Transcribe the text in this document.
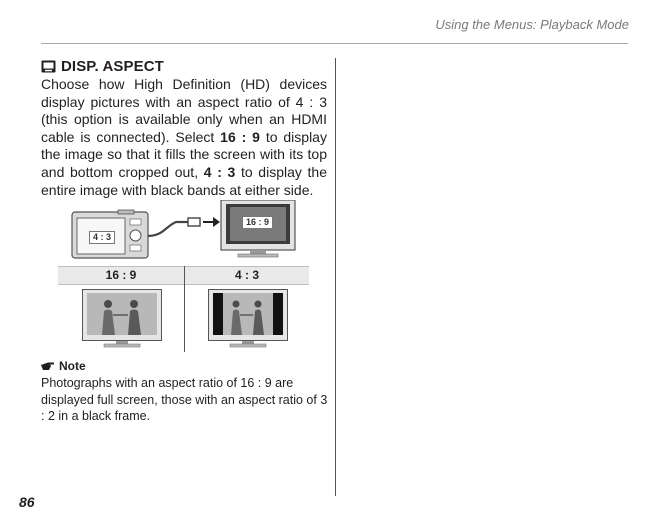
Using the Menus: Playback Mode
DISP. ASPECT
Choose how High Definition (HD) devices display pictures with an aspect ratio of 4 : 3 (this option is available only when an HDMI cable is connected). Select 16 : 9 to display the image so that it fills the screen with its top and bottom cropped out, 4 : 3 to display the entire image with black bands at either side.
4 : 3
16 : 9
16 : 9	4 : 3
Note
Photographs with an aspect ratio of 16 : 9 are displayed full screen, those with an aspect ratio of 3 : 2 in a black frame.
86
